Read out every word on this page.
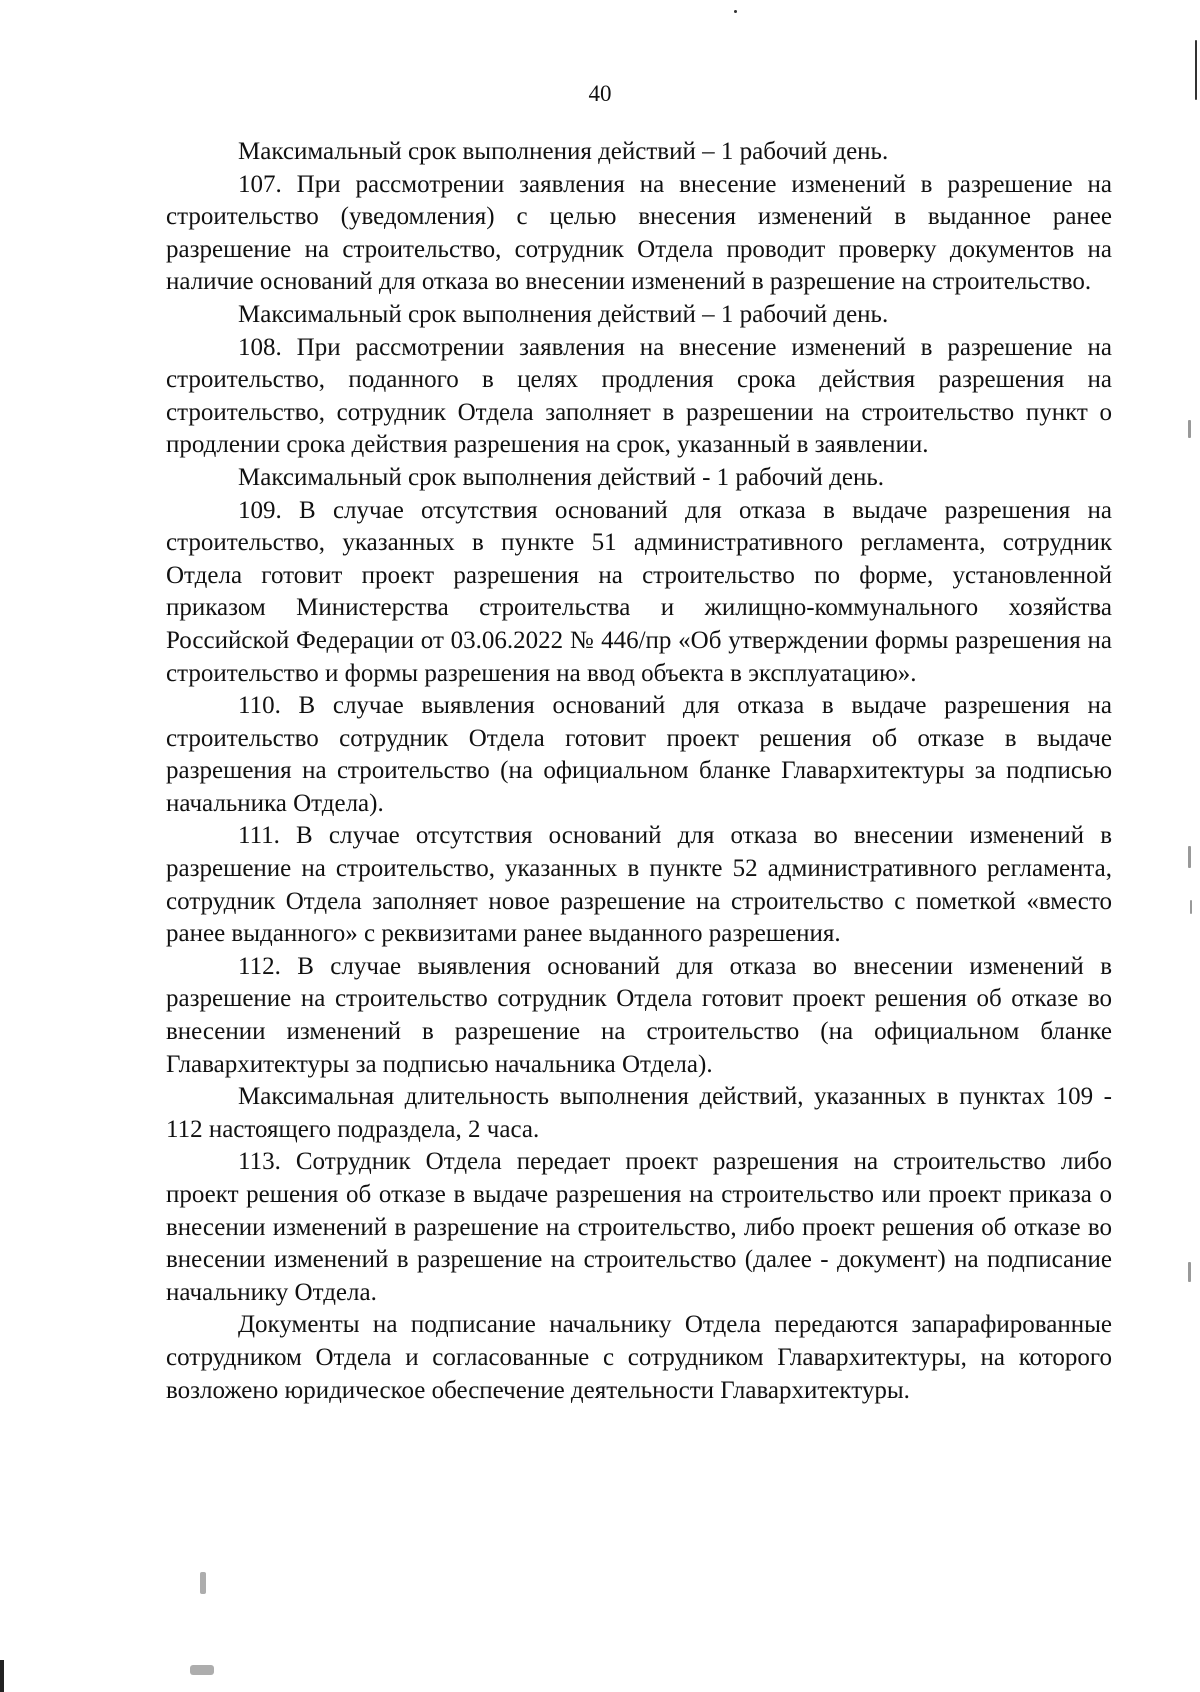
40

Максимальный срок выполнения действий – 1 рабочий день.

107. При рассмотрении заявления на внесение изменений в разрешение на строительство (уведомления) с целью внесения изменений в выданное ранее разрешение на строительство, сотрудник Отдела проводит проверку документов на наличие оснований для отказа во внесении изменений в разрешение на строительство.

Максимальный срок выполнения действий – 1 рабочий день.

108. При рассмотрении заявления на внесение изменений в разрешение на строительство, поданного в целях продления срока действия разрешения на строительство, сотрудник Отдела заполняет в разрешении на строительство пункт о продлении срока действия разрешения на срок, указанный в заявлении.

Максимальный срок выполнения действий - 1 рабочий день.

109. В случае отсутствия оснований для отказа в выдаче разрешения на строительство, указанных в пункте 51 административного регламента, сотрудник Отдела готовит проект разрешения на строительство по форме, установленной приказом Министерства строительства и жилищно-коммунального хозяйства Российской Федерации от 03.06.2022 № 446/пр «Об утверждении формы разрешения на строительство и формы разрешения на ввод объекта в эксплуатацию».

110. В случае выявления оснований для отказа в выдаче разрешения на строительство сотрудник Отдела готовит проект решения об отказе в выдаче разрешения на строительство (на официальном бланке Главархитектуры за подписью начальника Отдела).

111. В случае отсутствия оснований для отказа во внесении изменений в разрешение на строительство, указанных в пункте 52 административного регламента, сотрудник Отдела заполняет новое разрешение на строительство с пометкой «вместо ранее выданного» с реквизитами ранее выданного разрешения.

112. В случае выявления оснований для отказа во внесении изменений в разрешение на строительство сотрудник Отдела готовит проект решения об отказе во внесении изменений в разрешение на строительство (на официальном бланке Главархитектуры за подписью начальника Отдела).

Максимальная длительность выполнения действий, указанных в пунктах 109 - 112 настоящего подраздела, 2 часа.

113. Сотрудник Отдела передает проект разрешения на строительство либо проект решения об отказе в выдаче разрешения на строительство или проект приказа о внесении изменений в разрешение на строительство, либо проект решения об отказе во внесении изменений в разрешение на строительство (далее - документ) на подписание начальнику Отдела.

Документы на подписание начальнику Отдела передаются запарафированные сотрудником Отдела и согласованные с сотрудником Главархитектуры, на которого возложено юридическое обеспечение деятельности Главархитектуры.
